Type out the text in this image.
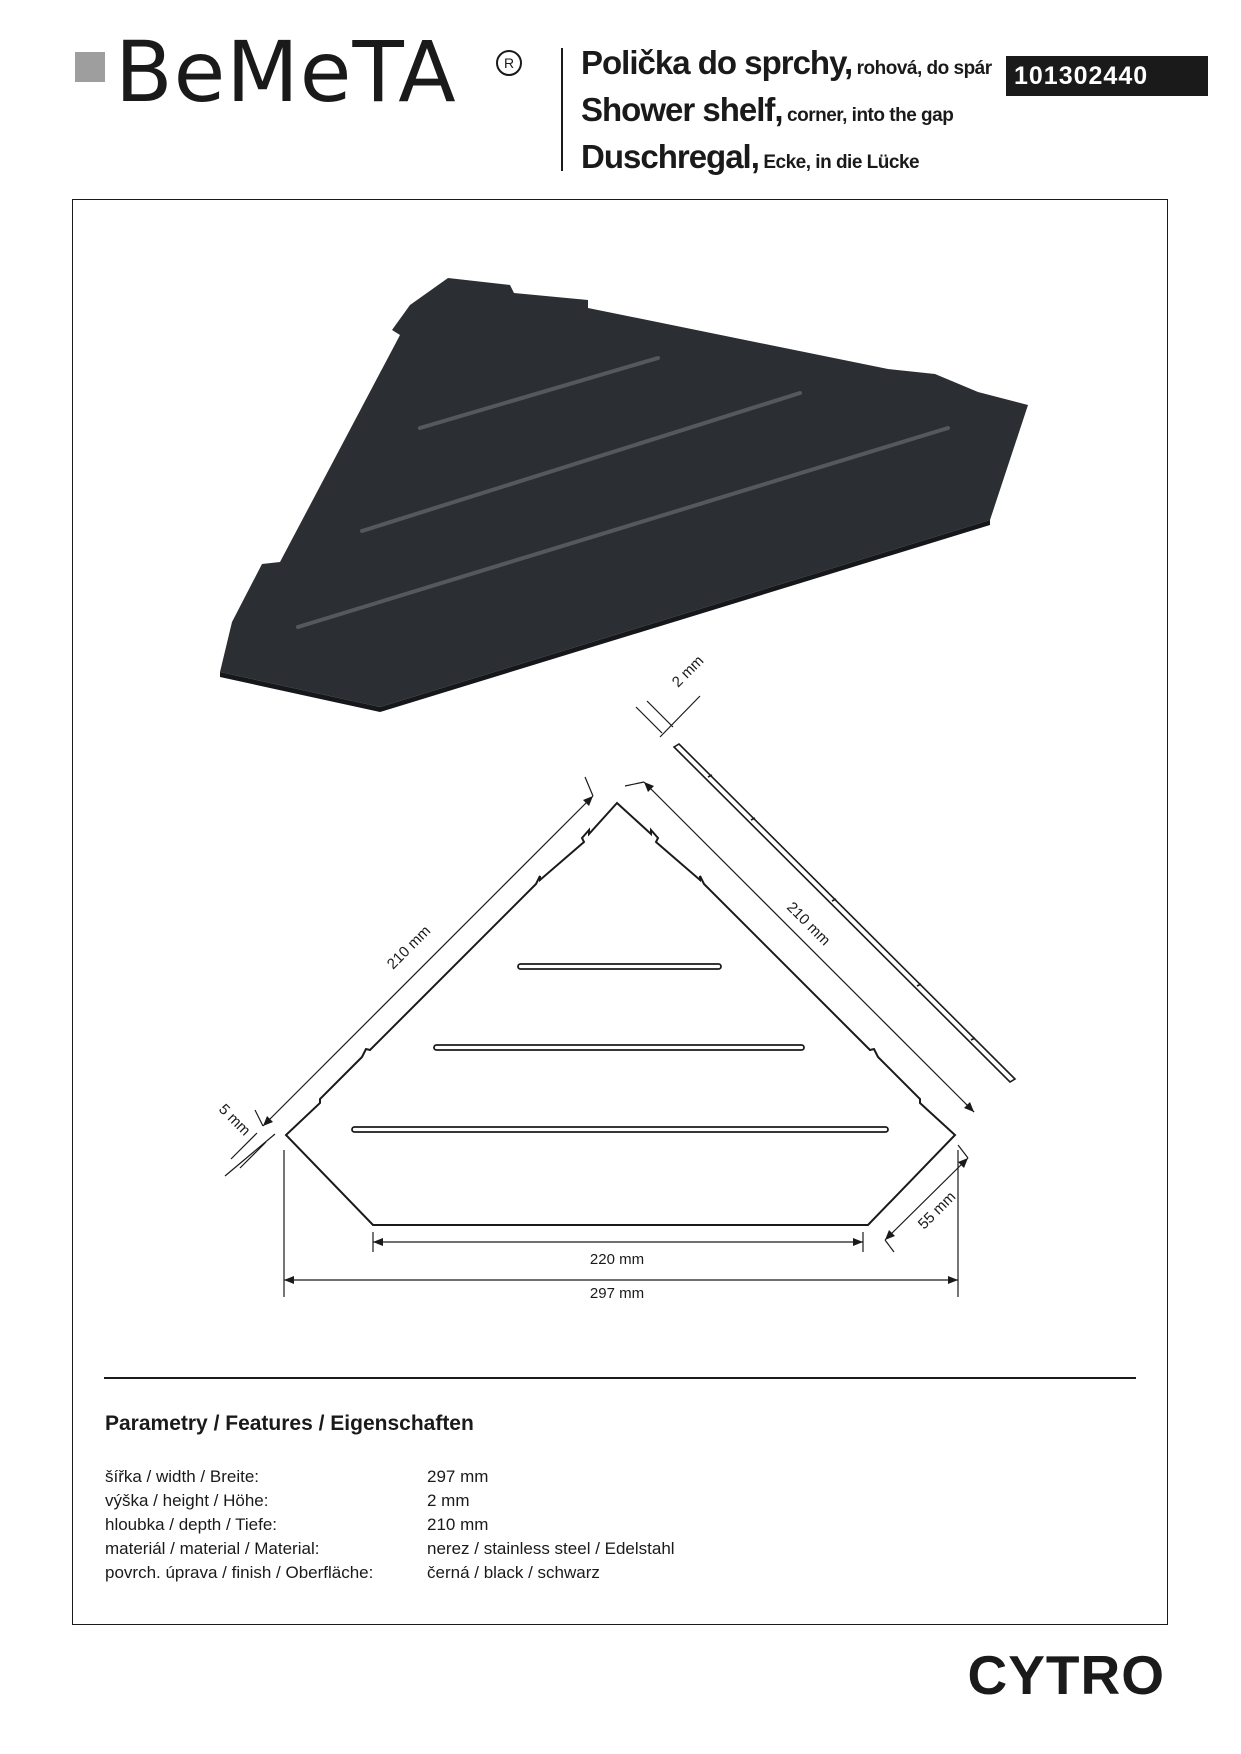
BeMeTA	R Polička do sprchy, rohová, do spár
Shower shelf, corner, into the gap
Duschregal, Ecke, in die Lücke
101302440
2 mm
210 mm	210 mm
5 mm
55 mm
220 mm
297 mm
Parametry / Features / Eigenschaften
šířka / width / Breite:	297 mm
výška / height / Höhe:	2 mm
hloubka / depth / Tiefe:	210 mm
materiál / material / Material:	nerez / stainless steel / Edelstahl
povrch. úprava / finish / Oberfläche:	černá / black / schwarz
CYTRO
